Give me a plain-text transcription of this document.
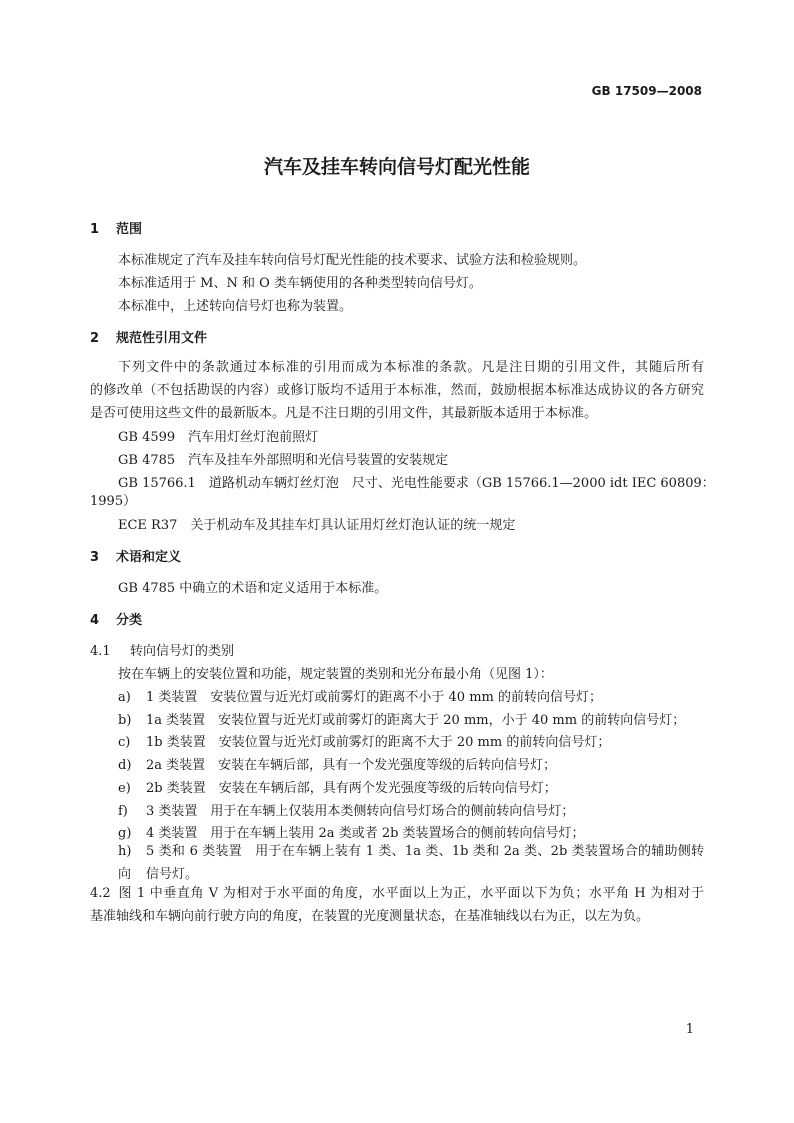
GB 17509—2008
汽车及挂车转向信号灯配光性能
1 范围
本标准规定了汽车及挂车转向信号灯配光性能的技术要求、试验方法和检验规则。
本标准适用于 M、N 和 O 类车辆使用的各种类型转向信号灯。
本标准中，上述转向信号灯也称为装置。
2 规范性引用文件
下列文件中的条款通过本标准的引用而成为本标准的条款。凡是注日期的引用文件，其随后所有
的修改单（不包括勘误的内容）或修订版均不适用于本标准，然而，鼓励根据本标准达成协议的各方研究
是否可使用这些文件的最新版本。凡是不注日期的引用文件，其最新版本适用于本标准。
GB 4599　汽车用灯丝灯泡前照灯
GB 4785　汽车及挂车外部照明和光信号装置的安装规定
GB 15766.1　道路机动车辆灯丝灯泡　尺寸、光电性能要求（GB 15766.1—2000 idt IEC 60809：
1995）
ECE R37　关于机动车及其挂车灯具认证用灯丝灯泡认证的统一规定
3 术语和定义
GB 4785 中确立的术语和定义适用于本标准。
4 分类
4.1 转向信号灯的类别
按在车辆上的安装位置和功能，规定装置的类别和光分布最小角（见图 1）：
a) 1 类装置　安装位置与近光灯或前雾灯的距离不小于 40 mm 的前转向信号灯；
b) 1a 类装置　安装位置与近光灯或前雾灯的距离大于 20 mm，小于 40 mm 的前转向信号灯；
c) 1b 类装置　安装位置与近光灯或前雾灯的距离不大于 20 mm 的前转向信号灯；
d) 2a 类装置　安装在车辆后部，具有一个发光强度等级的后转向信号灯；
e) 2b 类装置　安装在车辆后部，具有两个发光强度等级的后转向信号灯；
f) 3 类装置　用于在车辆上仅装用本类侧转向信号灯场合的侧前转向信号灯；
g) 4 类装置　用于在车辆上装用 2a 类或者 2b 类装置场合的侧前转向信号灯；
h) 5 类和 6 类装置　用于在车辆上装有 1 类、1a 类、1b 类和 2a 类、2b 类装置场合的辅助侧转向	信号灯。
4.2 图 1 中垂直角 V 为相对于水平面的角度，水平面以上为正，水平面以下为负；水平角 H 为相对于
基准轴线和车辆向前行驶方向的角度，在装置的光度测量状态，在基准轴线以右为正，以左为负。
1
